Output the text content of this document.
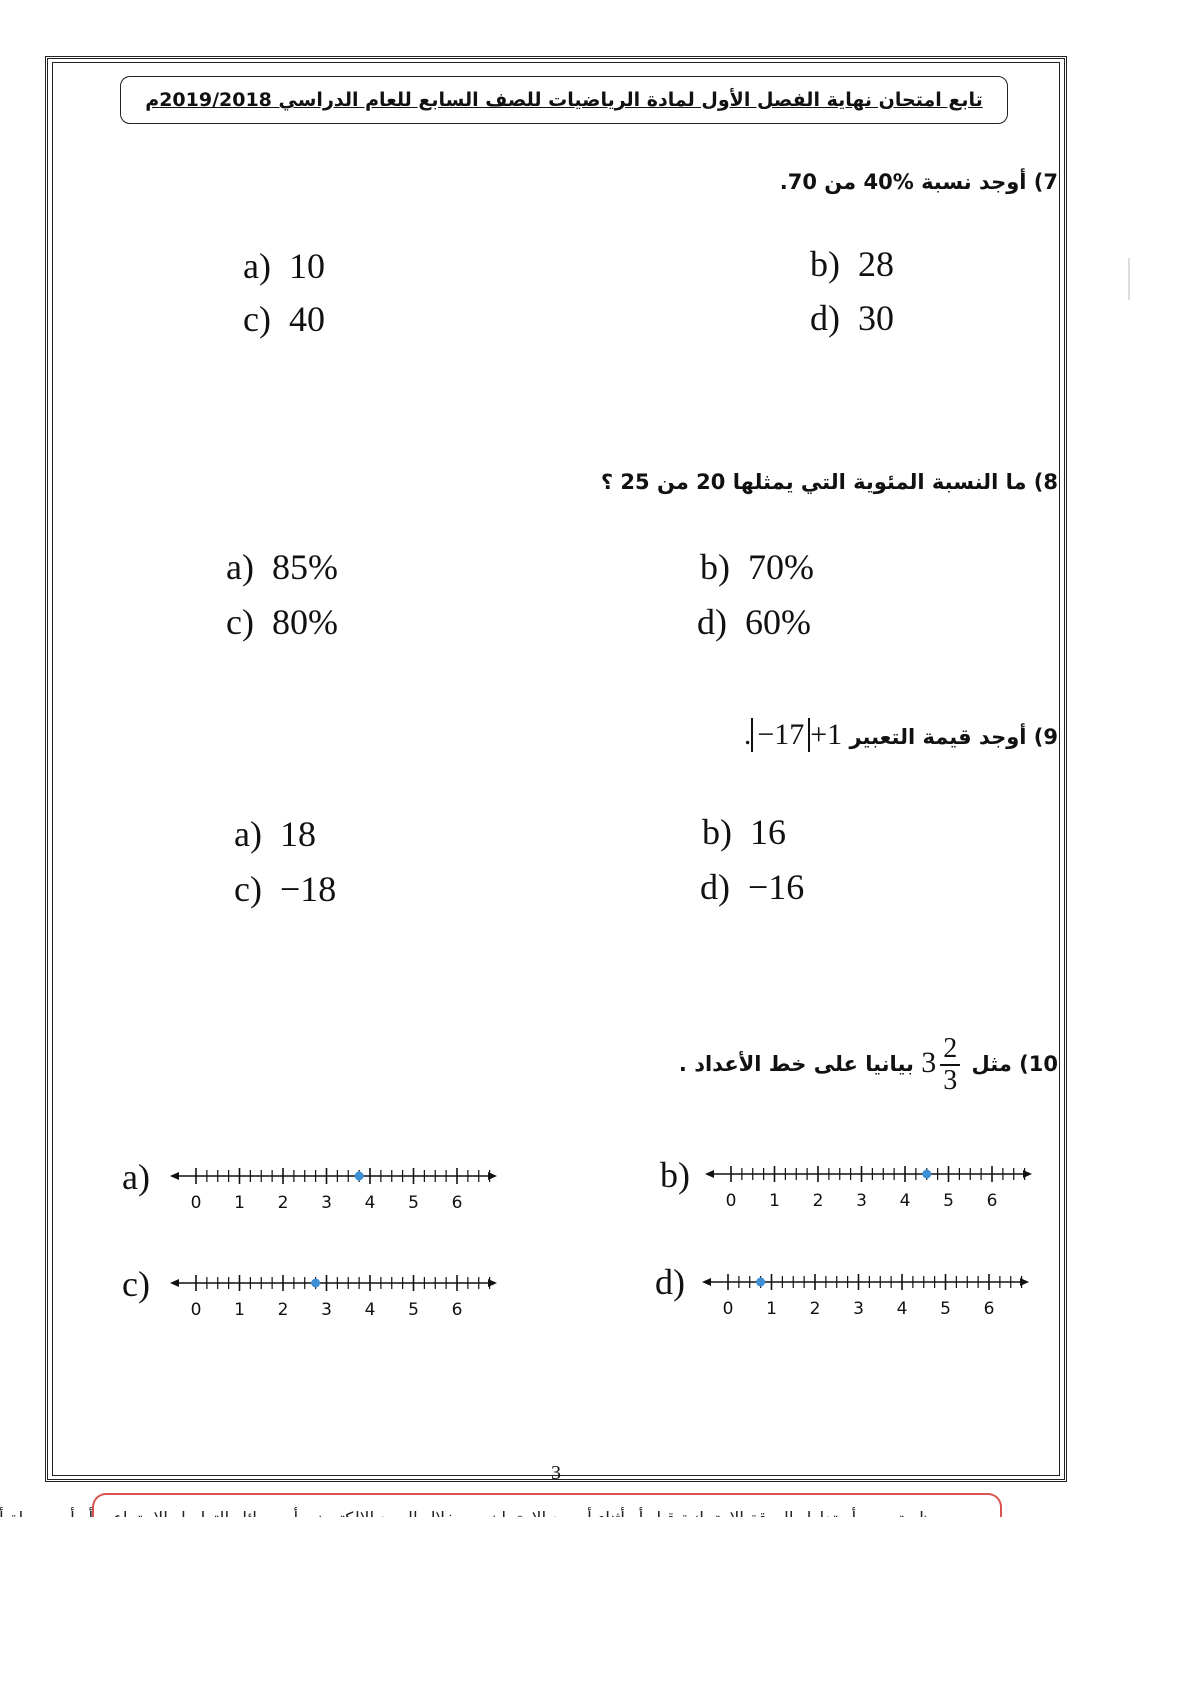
تابع امتحان نهاية الفصل الأول لمادة الرياضيات للصف السابع للعام الدراسي 2019/2018م
7) أوجد نسبة %40 من 70.
a) 10	b) 28
c) 40	d) 30
8) ما النسبة المئوية التي يمثلها 20 من 25 ؟
a) 85%	b) 70%
c) 80%	d) 60%
9) أوجد قيمة التعبير . −17 +1
a) 18	b) 16
c) −18	d) −16
10) مثل $3 \frac{2}{3}$
بيانيا على خط الأعداد .
a)
0 1 2 3 4 5 6
b)
0 1 2 3 4 5 6
c)
0 1 2 3 4 5 6
d)
0 1 2 3 4 5 6
3
